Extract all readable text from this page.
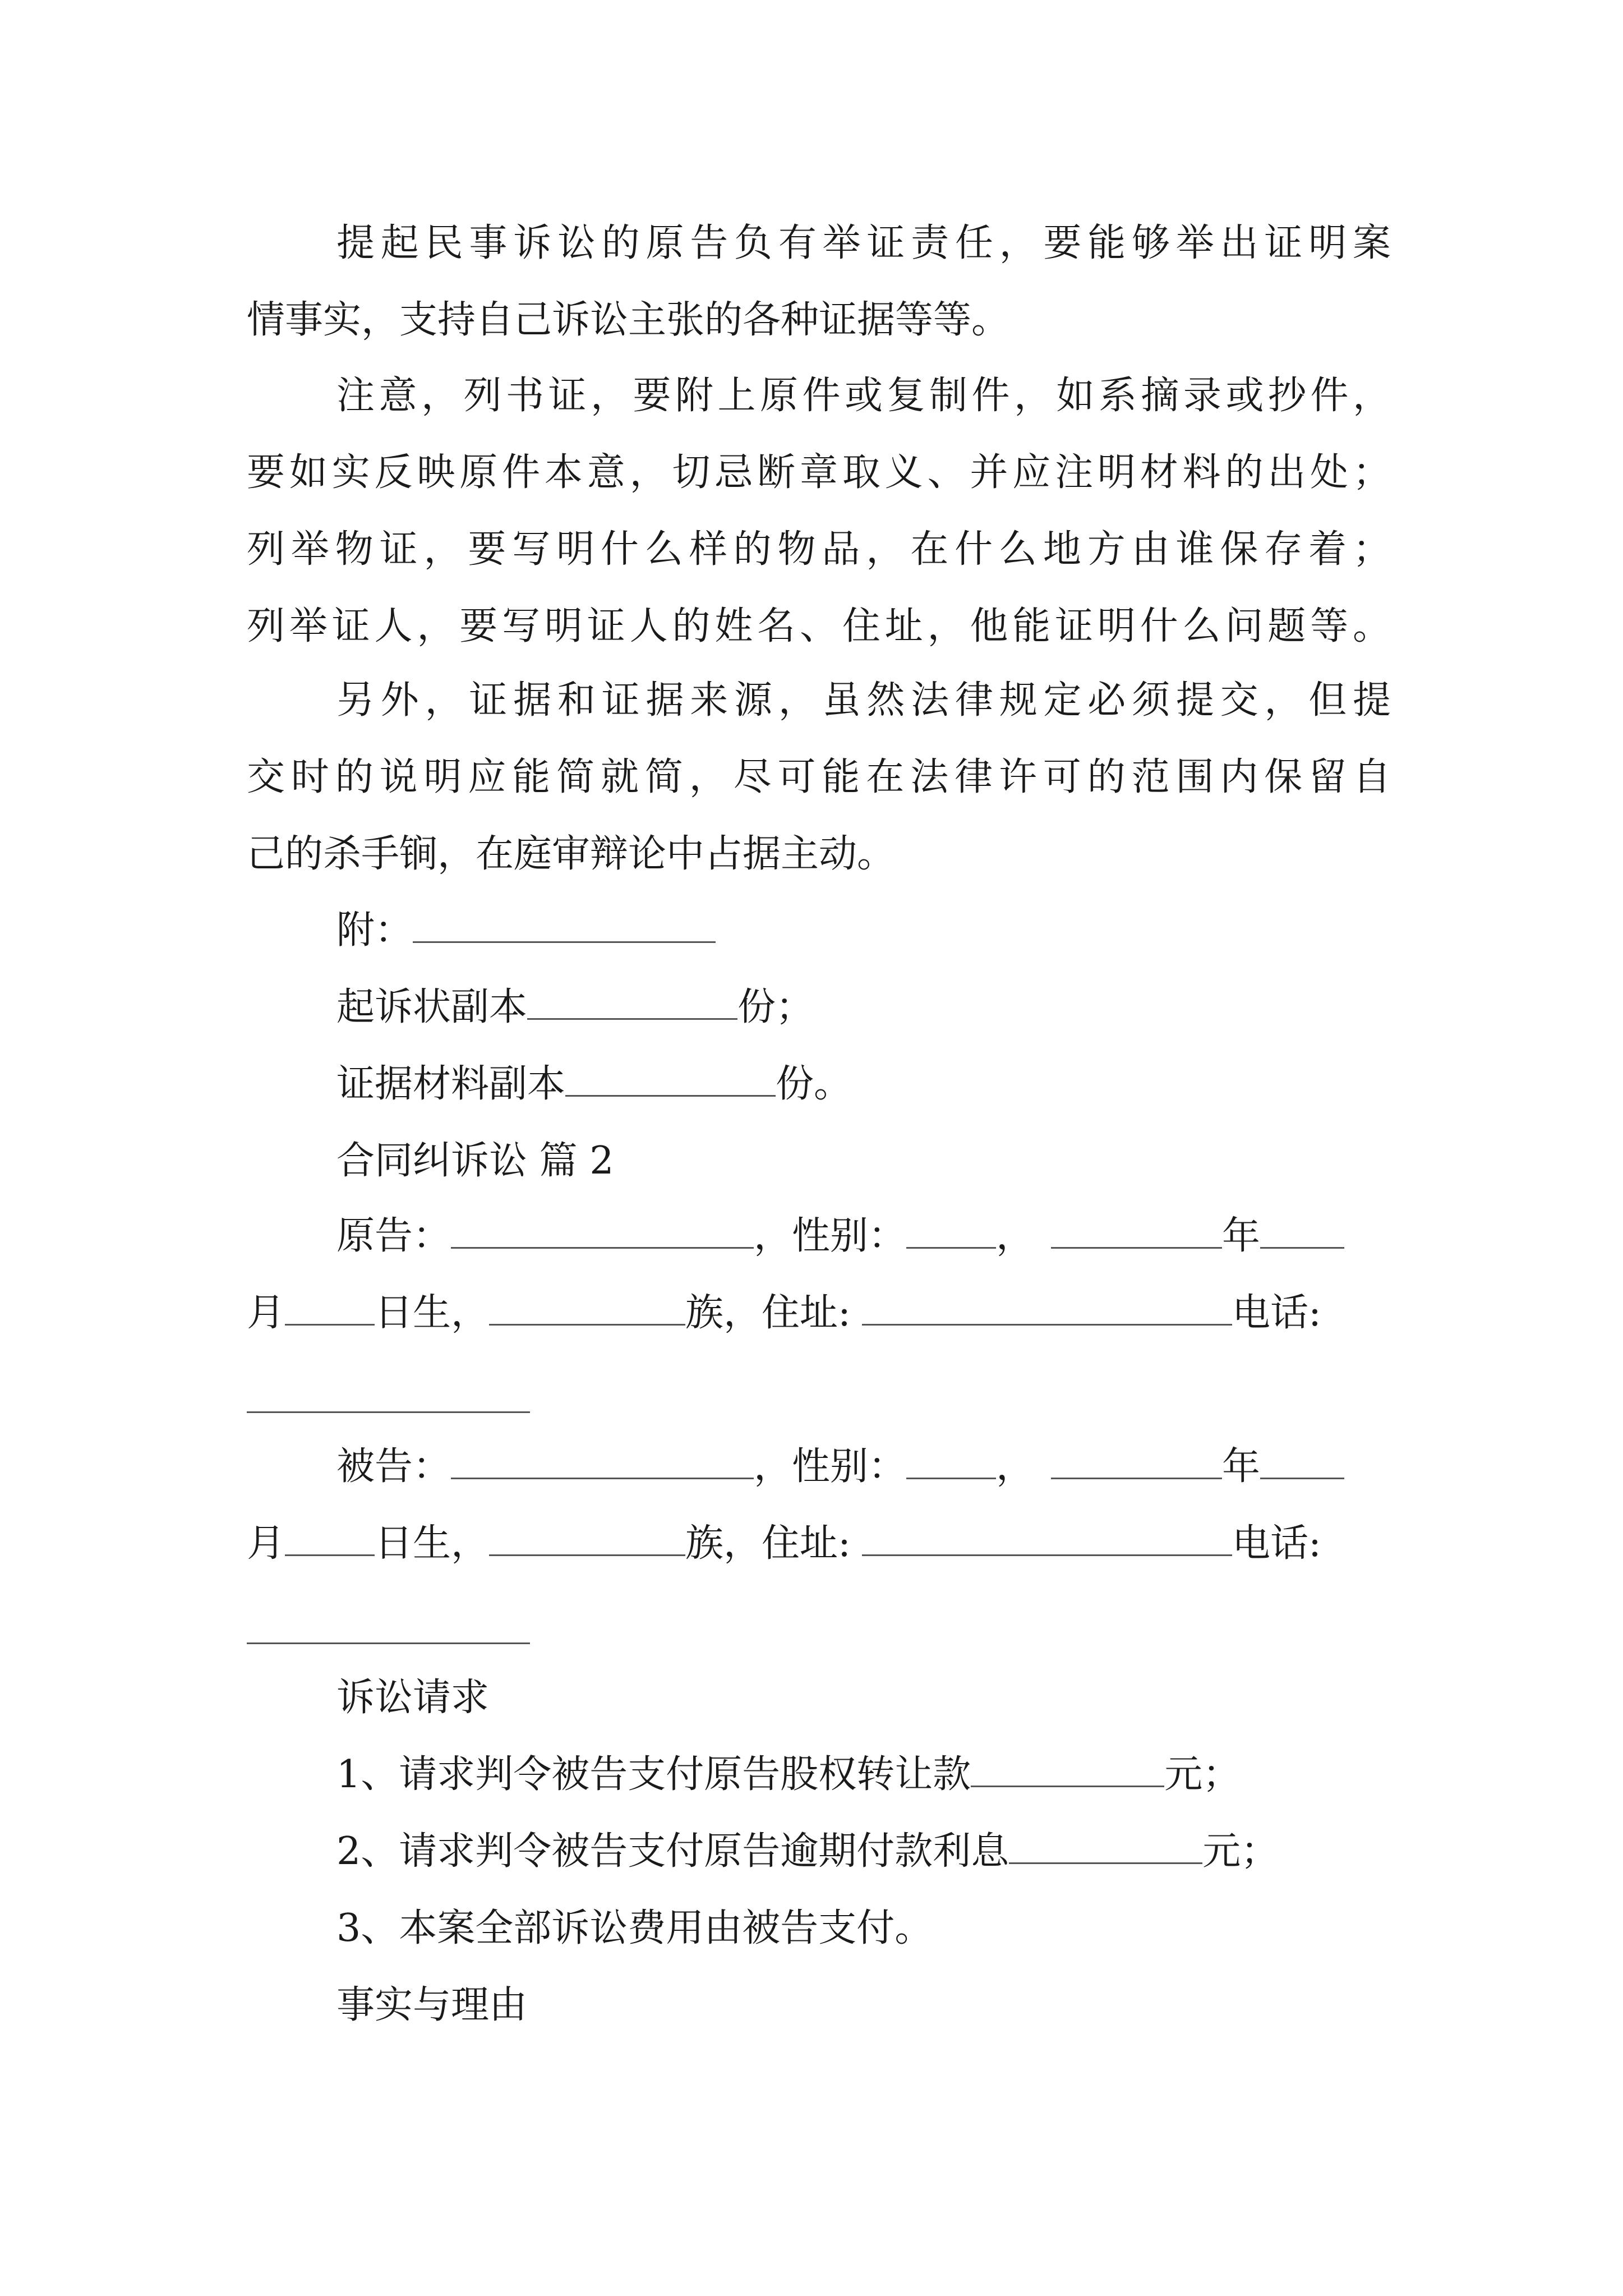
提起民事诉讼的原告负有举证责任，要能够举出证明案
情事实，支持自己诉讼主张的各种证据等等。
注意，列书证，要附上原件或复制件，如系摘录或抄件，
要如实反映原件本意，切忌断章取义、并应注明材料的出处；
列举物证，要写明什么样的物品，在什么地方由谁保存着；
列举证人，要写明证人的姓名、住址，他能证明什么问题等。
另外，证据和证据来源，虽然法律规定必须提交，但提
交时的说明应能简就简，尽可能在法律许可的范围内保留自
己的杀手锏，在庭审辩论中占据主动。
附：
起诉状副本	份；
证据材料副本	份。
合同纠诉讼 篇 2
原告：	，性别： ，	年
月 日生，	族，住址:	电话:
被告：	，性别： ，	年
月 日生，	族，住址:	电话:
诉讼请求
1、请求判令被告支付原告股权转让款	元；
2、请求判令被告支付原告逾期付款利息	元；
3、本案全部诉讼费用由被告支付。
事实与理由
